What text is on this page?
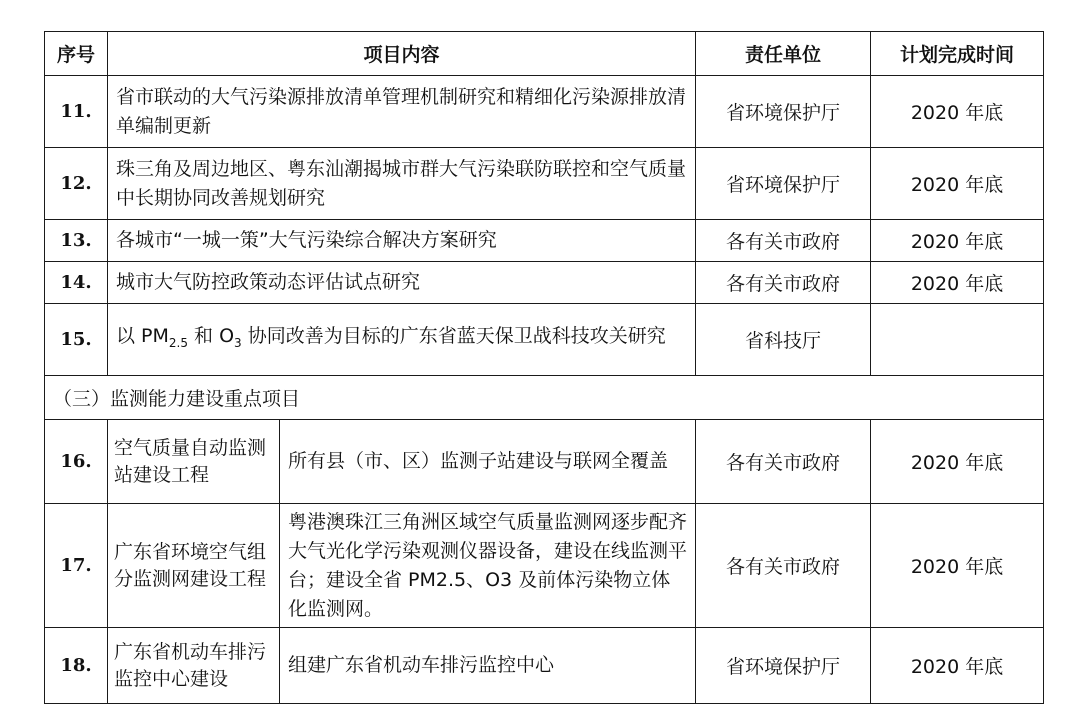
序号	项目内容		责任单位	计划完成时间
11.	省市联动的大气污染源排放清单管理机制研究和精细化污染源排放清单编制更新		省环境保护厅	2020 年底
12.	珠三角及周边地区、粤东汕潮揭城市群大气污染联防联控和空气质量中长期协同改善规划研究		省环境保护厅	2020 年底
13.	各城市“一城一策”大气污染综合解决方案研究		各有关市政府	2020 年底
14.	城市大气防控政策动态评估试点研究		各有关市政府	2020 年底
15.	以 $PM_{2.5}$ 和 $O_3$ 协同改善为目标的广东省蓝天保卫战科技攻关研究		省科技厅	
（三）监测能力建设重点项目				
16.	空气质量自动监测站建设工程	所有县（市、区）监测子站建设与联网全覆盖	各有关市政府	2020 年底
17.	广东省环境空气组分监测网建设工程	粤港澳珠江三角洲区域空气质量监测网逐步配齐大气光化学污染观测仪器设备，建设在线监测平台；建设全省 PM2.5、O3 及前体污染物立体化监测网。	各有关市政府	2020 年底
18.	广东省机动车排污监控中心建设	组建广东省机动车排污监控中心	省环境保护厅	2020 年底
